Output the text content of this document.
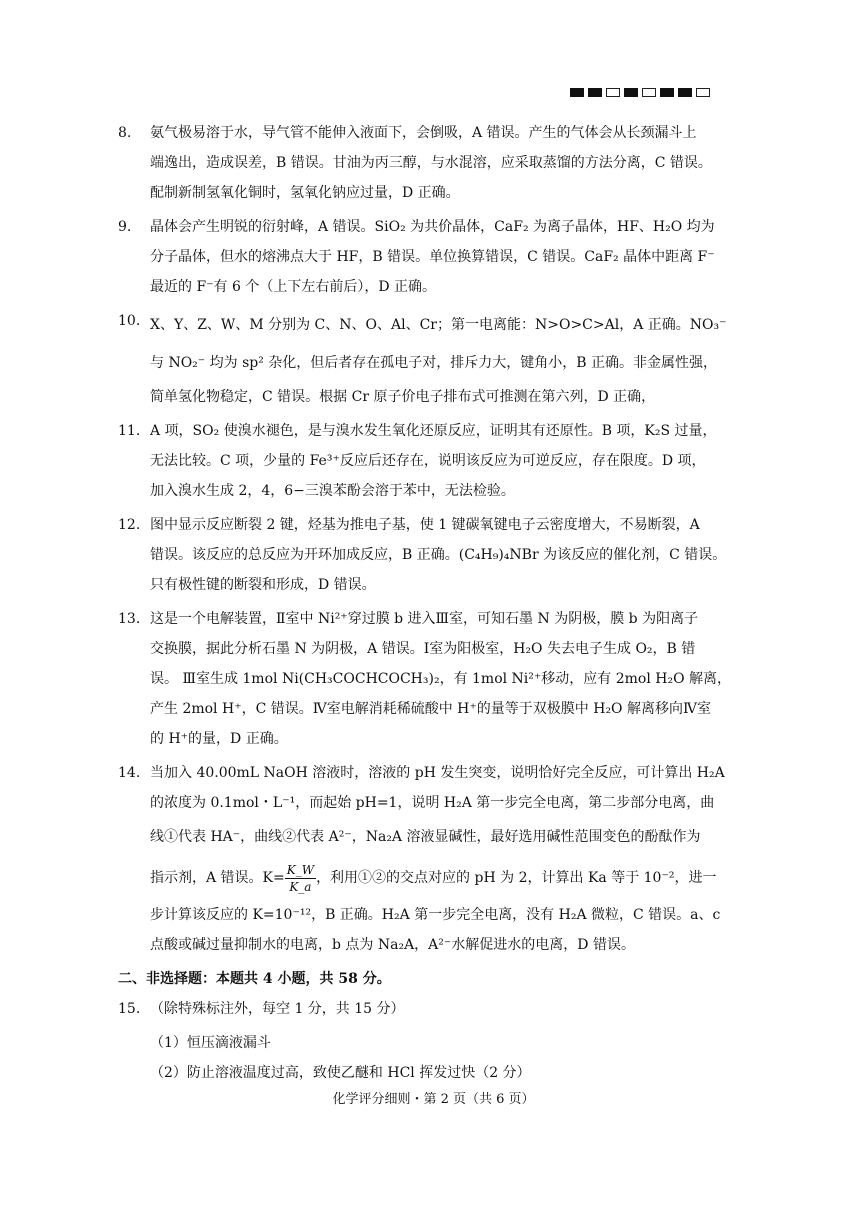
8. 氨气极易溶于水，导气管不能伸入液面下，会倒吸，A 错误。产生的气体会从长颈漏斗上
端逸出，造成误差，B 错误。甘油为丙三醇，与水混溶，应采取蒸馏的方法分离，C 错误。
配制新制氢氧化铜时，氢氧化钠应过量，D 正确。
9. 晶体会产生明锐的衍射峰，A 错误。SiO₂ 为共价晶体，CaF₂ 为离子晶体，HF、H₂O 均为
分子晶体，但水的熔沸点大于 HF，B 错误。单位换算错误，C 错误。CaF₂ 晶体中距离 F⁻
最近的 F⁻有 6 个（上下左右前后），D 正确。
10. X、Y、Z、W、M 分别为 C、N、O、Al、Cr；第一电离能：N>O>C>Al，A 正确。NO₃⁻
与 NO₂⁻ 均为 sp² 杂化，但后者存在孤电子对，排斥力大，键角小，B 正确。非金属性强，
简单氢化物稳定，C 错误。根据 Cr 原子价电子排布式可推测在第六列，D 正确，
11. A 项，SO₂ 使溴水褪色，是与溴水发生氧化还原反应，证明其有还原性。B 项，K₂S 过量，
无法比较。C 项，少量的 Fe³⁺反应后还存在，说明该反应为可逆反应，存在限度。D 项，
加入溴水生成 2，4，6−三溴苯酚会溶于苯中，无法检验。
12. 图中显示反应断裂 2 键，烃基为推电子基，使 1 键碳氧键电子云密度增大，不易断裂，A
错误。该反应的总反应为开环加成反应，B 正确。(C₄H₉)₄NBr 为该反应的催化剂，C 错误。
只有极性键的断裂和形成，D 错误。
13. 这是一个电解装置，Ⅱ室中 Ni²⁺穿过膜 b 进入Ⅲ室，可知石墨 N 为阴极，膜 b 为阳离子
交换膜，据此分析石墨 N 为阴极，A 错误。Ⅰ室为阳极室，H₂O 失去电子生成 O₂，B 错
误。 Ⅲ室生成 1mol Ni(CH₃COCHCOCH₃)₂，有 1mol Ni²⁺移动，应有 2mol H₂O 解离，
产生 2mol H⁺，C 错误。Ⅳ室电解消耗稀硫酸中 H⁺的量等于双极膜中 H₂O 解离移向Ⅳ室
的 H⁺的量，D 正确。
14. 当加入 40.00mL NaOH 溶液时，溶液的 pH 发生突变，说明恰好完全反应，可计算出 H₂A
的浓度为 0.1mol・L⁻¹，而起始 pH=1，说明 H₂A 第一步完全电离，第二步部分电离，曲
线①代表 HA⁻，曲线②代表 A²⁻，Na₂A 溶液显碱性，最好选用碱性范围变色的酚酞作为
指示剂，A 错误。$K= \frac{K\_W}{K\_a}$ ，利用①②的交点对应的 pH 为 2，计算出 Ka 等于 10⁻²，进一
步计算该反应的 K=10⁻¹²，B 正确。H₂A 第一步完全电离，没有 H₂A 微粒，C 错误。a、c
点酸或碱过量抑制水的电离，b 点为 Na₂A，A²⁻水解促进水的电离，D 错误。
二、非选择题：本题共 4 小题，共 58 分。
15. （除特殊标注外，每空 1 分，共 15 分）
（1）恒压滴液漏斗
（2）防止溶液温度过高，致使乙醚和 HCl 挥发过快（2 分）
化学评分细则・第 2 页（共 6 页）
